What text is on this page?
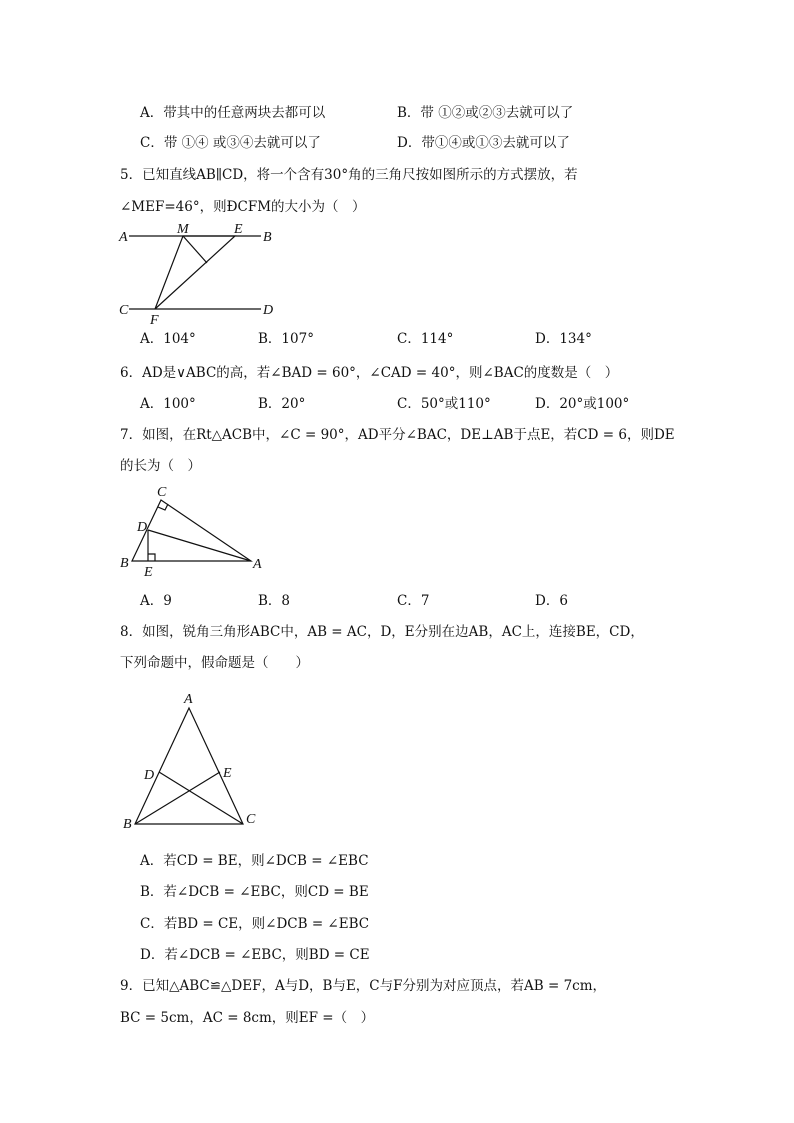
A．带其中的任意两块去都可以	B．带 ①②或②③去就可以了
C．带 ①④ 或③④去就可以了	D．带①④或①③去就可以了
5．已知直线AB∥CD，将一个含有30°角的三角尺按如图所示的方式摆放，若
∠MEF=46°，则ÐCFM的大小为（　）
A
M	E
B
C
F
D
A．104°	B．107°	C．114°	D．134°
6．AD是∨ABC的高，若∠BAD = 60°，∠CAD = 40°，则∠BAC的度数是（　）
A．100°	B．20°	C．50°或110°	D．20°或100°
7．如图，在Rt△ACB中，∠C = 90°，AD平分∠BAC，DE⊥AB于点E，若CD = 6，则DE
的长为（　）
C
D
B
E
A
A．9	B．8	C．7	D．6
8．如图，锐角三角形ABC中，AB = AC，D，E分别在边AB，AC上，连接BE，CD，
下列命题中，假命题是（　　）
A
D	E
B	C
A．若CD = BE，则∠DCB = ∠EBC
B．若∠DCB = ∠EBC，则CD = BE
C．若BD = CE，则∠DCB = ∠EBC
D．若∠DCB = ∠EBC，则BD = CE
9．已知△ABC≌△DEF，A与D，B与E，C与F分别为对应顶点，若AB = 7cm，
BC = 5cm，AC = 8cm，则EF =（　）
